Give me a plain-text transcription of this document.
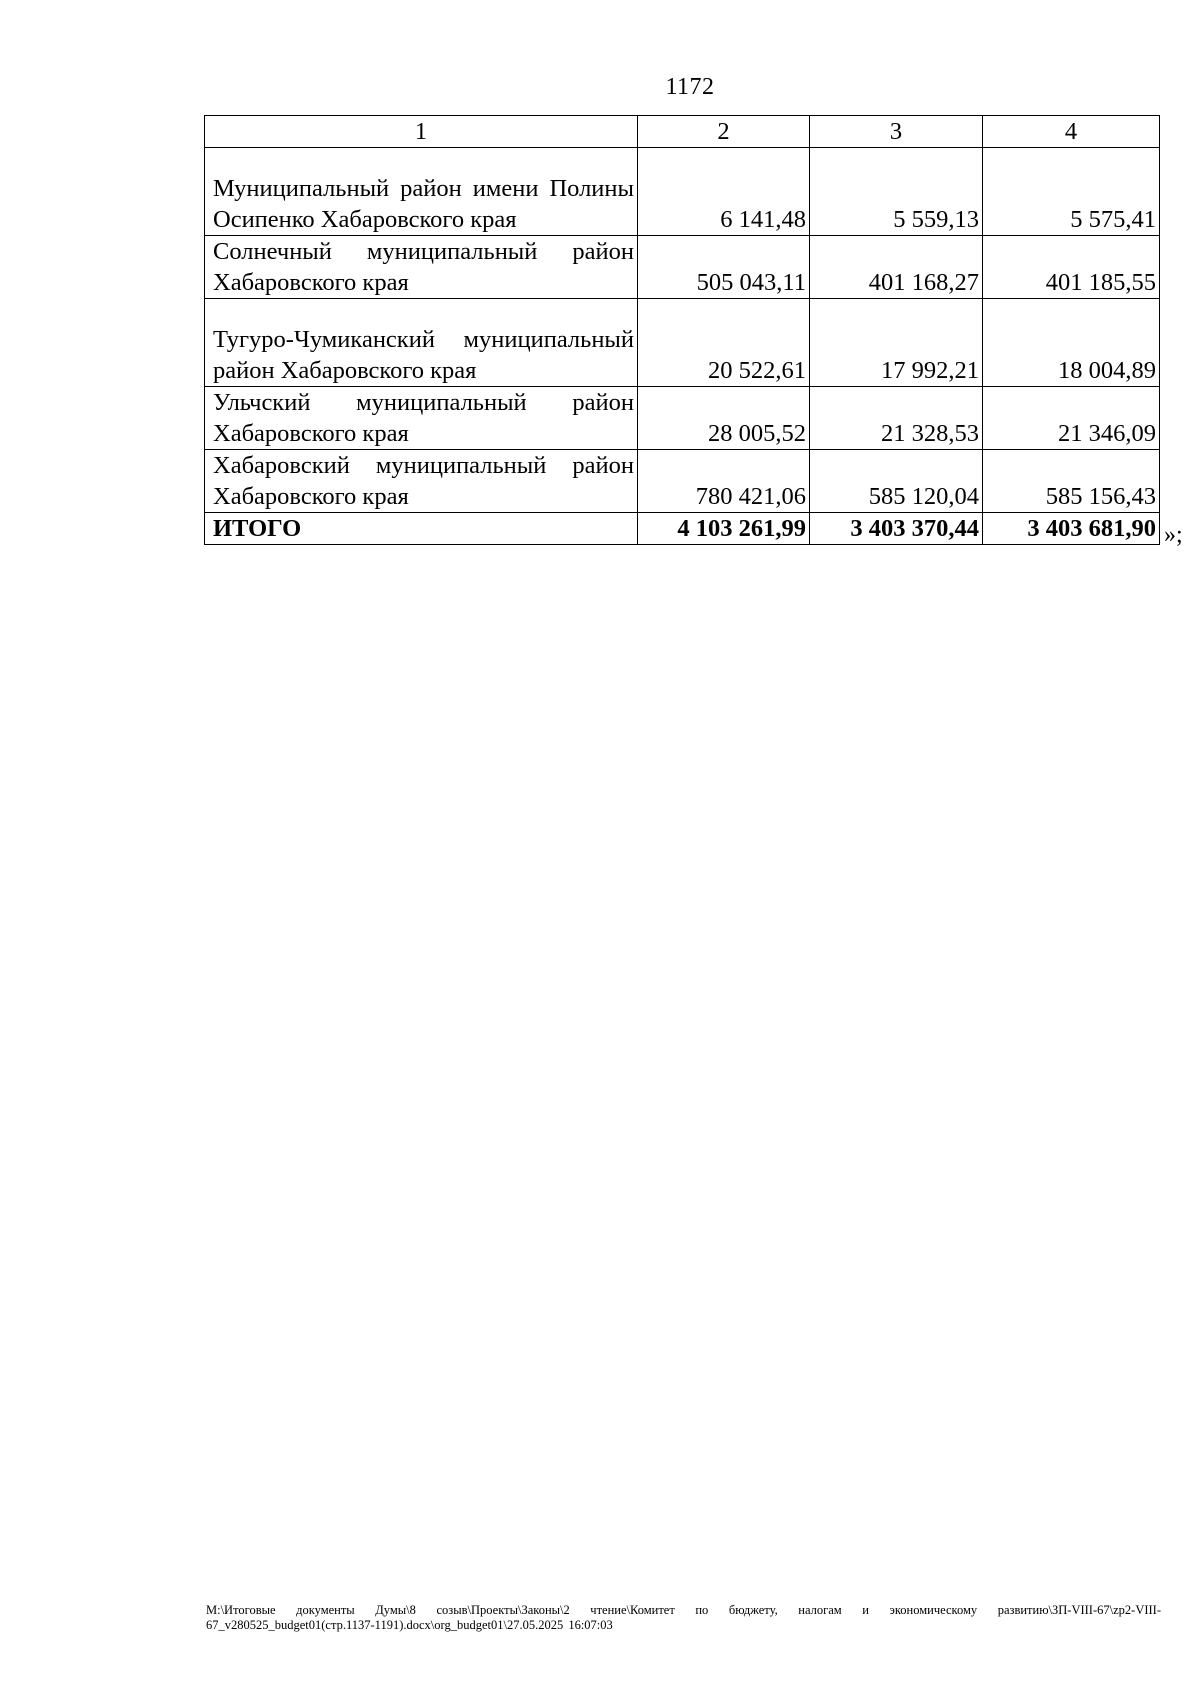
1172
1	2	3	4
Муниципальный район имени Полины Осипенко Хабаровского края	6 141,48	5 559,13	5 575,41
Солнечный муниципальный район Хабаровского края	505 043,11	401 168,27	401 185,55
Тугуро-Чумиканский муниципальный район Хабаровского края	20 522,61	17 992,21	18 004,89
Ульчский муниципальный район Хабаровского края	28 005,52	21 328,53	21 346,09
Хабаровский муниципальный район Хабаровского края	780 421,06	585 120,04	585 156,43
ИТОГО	4 103 261,99	3 403 370,44	3 403 681,90 »;
М:\Итоговые документы Думы\8 созыв\Проекты\Законы\2 чтение\Комитет по бюджету, налогам и экономическому развитию\ЗП-VIII-67\zp2-VIII-67_v280525_budget01(стр.1137-1191).docx\org_budget01\27.05.2025 16:07:03
